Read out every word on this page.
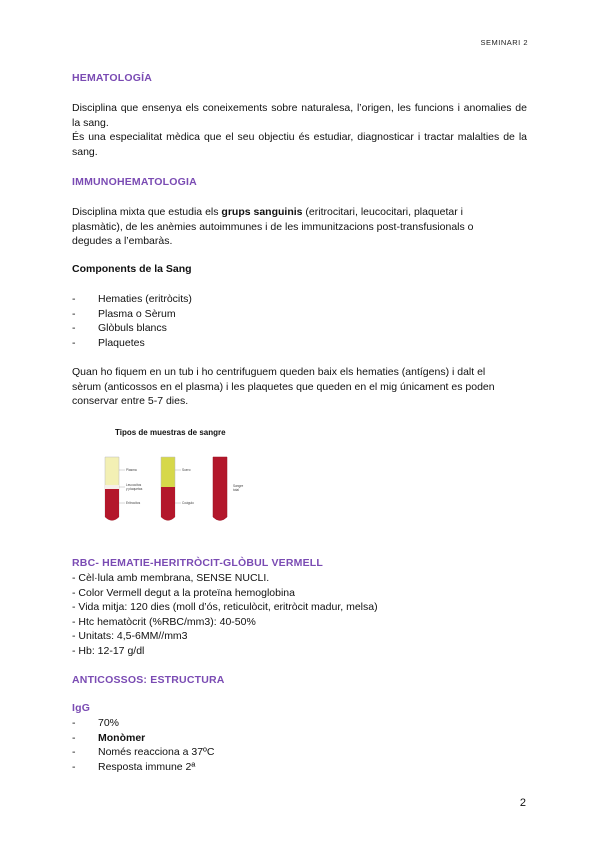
SEMINARI 2
HEMATOLOGÍA

Disciplina que ensenya els coneixements sobre naturalesa, l’origen, les funcions i anomalies de la sang.

És una especialitat mèdica que el seu objectiu és estudiar, diagnosticar i tractar malalties de la sang.

IMMUNOHEMATOLOGIA

Disciplina mixta que estudia els grups sanguinis (eritrocitari, leucocitari, plaquetar i plasmàtic), de les anèmies autoimmunes i de les immunitzacions post-transfusionals o degudes a l’embaràs.

Components de la Sang
-	Hematies (eritròcits)
-	Plasma o Sèrum
-	Glòbuls blancs
-	Plaquetes

Quan ho fiquem en un tub i ho centrifuguem queden baix els hematies (antígens) i dalt el sèrum (anticossos en el plasma) i les plaquetes que queden en el mig únicament es poden conservar entre 5-7 dies.

Tipos de muestras de sangre
Plasma
Leucocitos
y plaquetas
Eritrocitos
Suero
Coágulo
Sangre
total
RBC- HEMATIE-HERITRÒCIT-GLÒBUL VERMELL
- Cèl·lula amb membrana, SENSE NUCLI.
- Color Vermell degut a la proteïna hemoglobina
- Vida mitja: 120 dies (moll d’ós, reticulòcit, eritròcit madur, melsa)
- Htc hematòcrit (%RBC/mm3): 40-50%
- Unitats: 4,5-6MM//mm3
- Hb: 12-17 g/dl
ANTICOSSOS: ESTRUCTURA
IgG
-	70%
-	Monòmer
-	Només reacciona a 37ºC
-	Resposta immune 2ª
2
